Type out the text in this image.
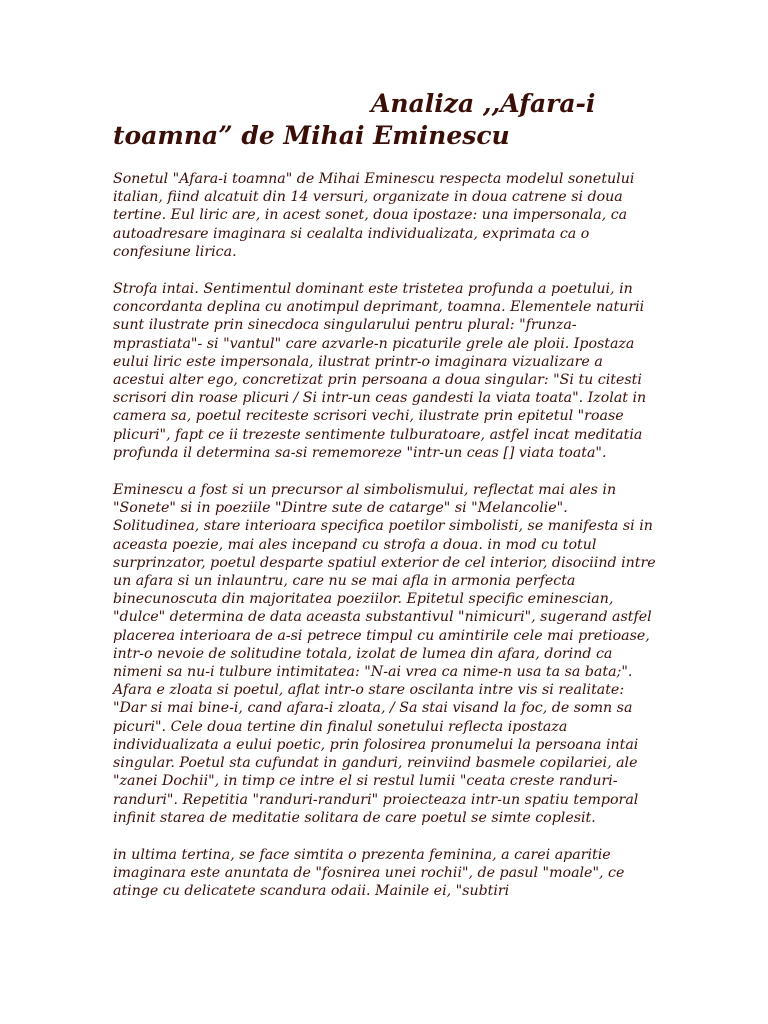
Analiza ,,Afara-i
toamna” de Mihai Eminescu

Sonetul "Afara-i toamna" de Mihai Eminescu respecta modelul sonetului italian, fiind alcatuit din 14 versuri, organizate in doua catrene si doua tertine. Eul liric are, in acest sonet, doua ipostaze: una impersonala, ca autoadresare imaginara si cealalta individualizata, exprimata ca o confesiune lirica.

Strofa intai. Sentimentul dominant este tristetea profunda a poetului, in concordanta deplina cu anotimpul deprimant, toamna. Elementele naturii sunt ilustrate prin sinecdoca singularului pentru plural: "frunza-mprastiata"- si "vantul" care azvarle-n picaturile grele ale ploii. Ipostaza eului liric este impersonala, ilustrat printr-o imaginara vizualizare a acestui alter ego, concretizat prin persoana a doua singular: "Si tu citesti scrisori din roase plicuri / Si intr-un ceas gandesti la viata toata". Izolat in camera sa, poetul reciteste scrisori vechi, ilustrate prin epitetul "roase plicuri", fapt ce ii trezeste sentimente tulburatoare, astfel incat meditatia profunda il determina sa-si rememoreze "intr-un ceas [] viata toata".

Eminescu a fost si un precursor al simbolismului, reflectat mai ales in "Sonete" si in poeziile "Dintre sute de catarge" si "Melancolie". Solitudinea, stare interioara specifica poetilor simbolisti, se manifesta si in aceasta poezie, mai ales incepand cu strofa a doua. in mod cu totul surprinzator, poetul desparte spatiul exterior de cel interior, disociind intre un afara si un inlauntru, care nu se mai afla in armonia perfecta binecunoscuta din majoritatea poeziilor. Epitetul specific eminescian, "dulce" determina de data aceasta substantivul "nimicuri", sugerand astfel placerea interioara de a-si petrece timpul cu amintirile cele mai pretioase, intr-o nevoie de solitudine totala, izolat de lumea din afara, dorind ca nimeni sa nu-i tulbure intimitatea: "N-ai vrea ca nime-n usa ta sa bata;". Afara e zloata si poetul, aflat intr-o stare oscilanta intre vis si realitate: "Dar si mai bine-i, cand afara-i zloata, / Sa stai visand la foc, de somn sa picuri". Cele doua tertine din finalul sonetului reflecta ipostaza individualizata a eului poetic, prin folosirea pronumelui la persoana intai singular. Poetul sta cufundat in ganduri, reinviind basmele copilariei, ale "zanei Dochii", in timp ce intre el si restul lumii "ceata creste randuri-randuri". Repetitia "randuri-randuri" proiecteaza intr-un spatiu temporal infinit starea de meditatie solitara de care poetul se simte coplesit.

in ultima tertina, se face simtita o prezenta feminina, a carei aparitie imaginara este anuntata de "fosnirea unei rochii", de pasul "moale", ce atinge cu delicatete scandura odaii. Mainile ei, "subtiri
